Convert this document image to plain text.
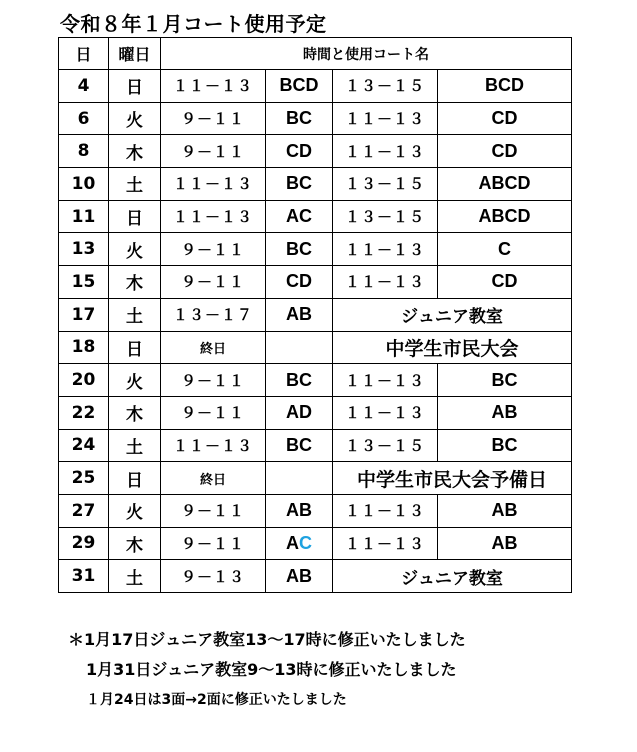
令和８年１月コート使用予定
日	曜日	時間と使用コート名			
4	日	１１－１３	BCD	１３－１５	BCD
6	火	９－１１	BC	１１－１３	CD
8	木	９－１１	CD	１１－１３	CD
10	土	１１－１３	BC	１３－１５	ABCD
11	日	１１－１３	AC	１３－１５	ABCD
13	火	９－１１	BC	１１－１３	C
15	木	９－１１	CD	１１－１３	CD
17	土	１３－１７	AB	ジュニア教室	
18	日	終日		中学生市民大会	
20	火	９－１１	BC	１１－１３	BC
22	木	９－１１	AD	１１－１３	AB
24	土	１１－１３	BC	１３－１５	BC
25	日	終日		中学生市民大会予備日	
27	火	９－１１	AB	１１－１３	AB
29	木	９－１１	AC	１１－１３	AB
31	土	９－１３	AB	ジュニア教室	
＊1月17日ジュニア教室13～17時に修正いたしました
1月31日ジュニア教室9～13時に修正いたしました
１月24日は3面→2面に修正いたしました
